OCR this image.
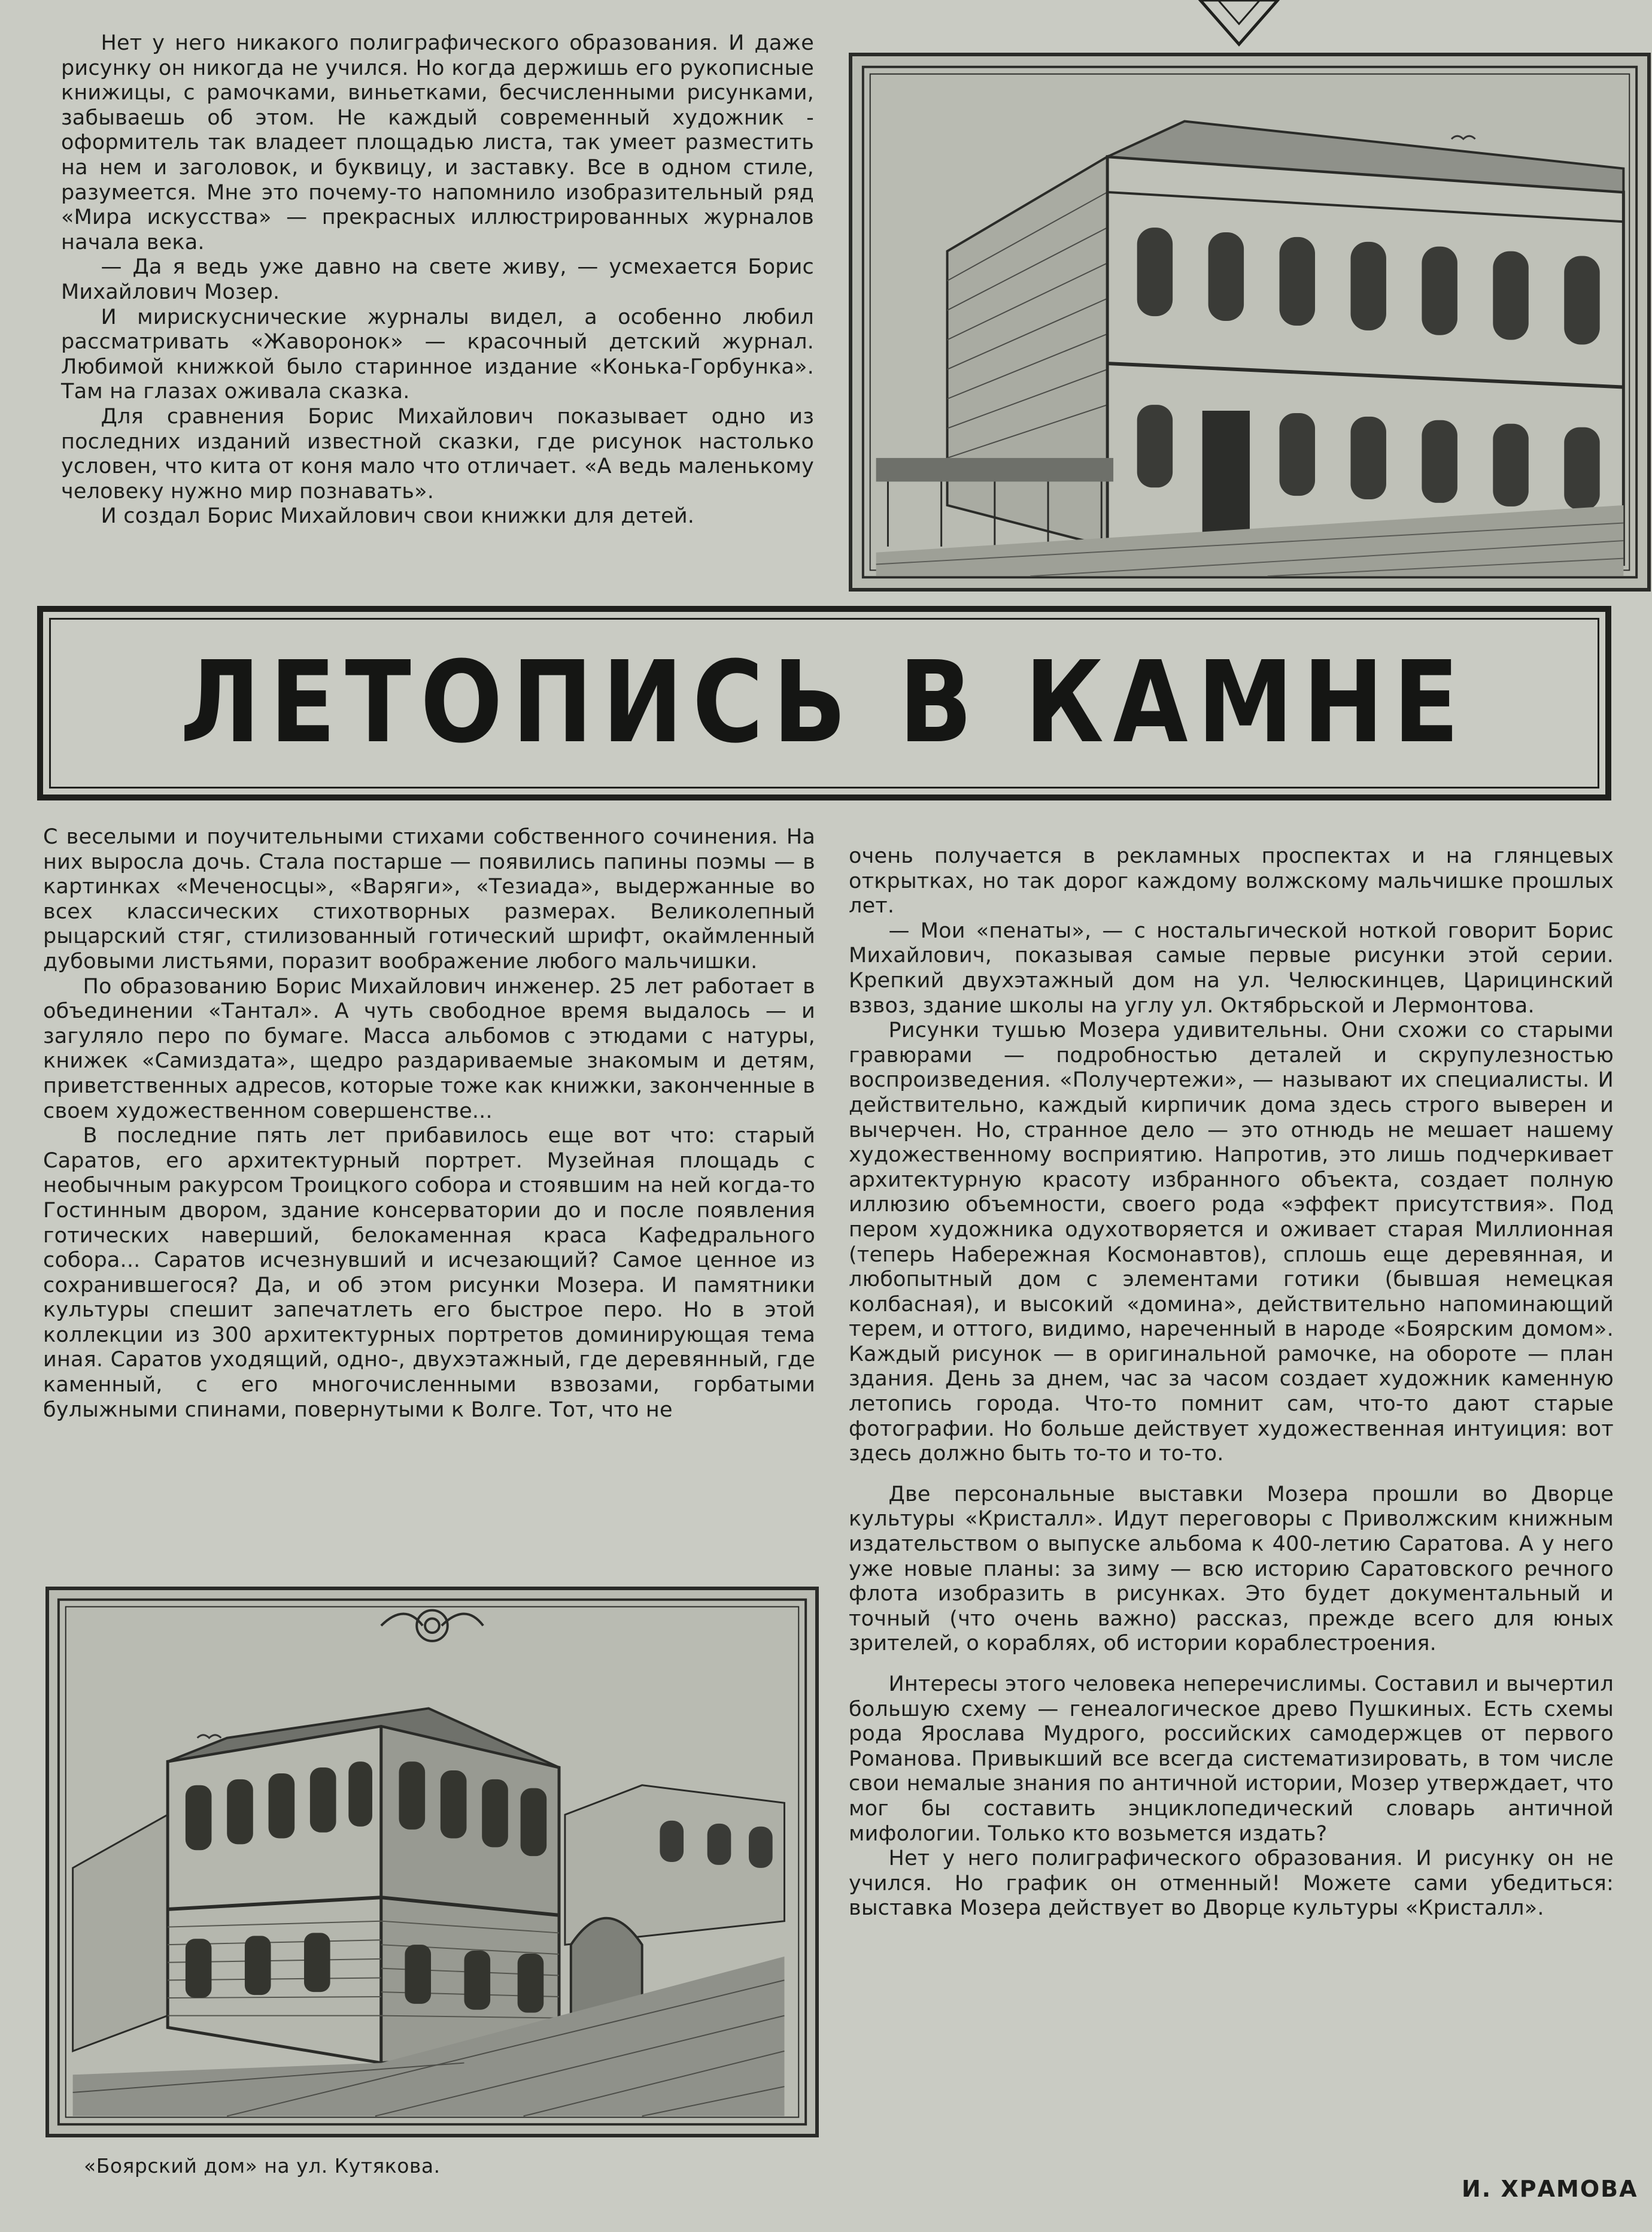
Нет у него никакого полиграфического образования. И даже рисунку он никогда не учился. Но когда держишь его рукописные книжицы, с рамочками, виньетками, бесчисленными рисунками, забываешь об этом. Не каждый современный художник - оформитель так владеет площадью листа, так умеет разместить на нем и заголовок, и буквицу, и заставку. Все в одном стиле, разумеется. Мне это почему-то напомнило изобразительный ряд «Мира искусства» — прекрасных иллюстрированных журналов начала века.

— Да я ведь уже давно на свете живу, — усмехается Борис Михайлович Мозер.

И мирискуснические журналы видел, а особенно любил рассматривать «Жаворонок» — красочный детский журнал. Любимой книжкой было старинное издание «Конька-Горбунка». Там на глазах оживала сказка.

Для сравнения Борис Михайлович показывает одно из последних изданий известной сказки, где рисунок настолько условен, что кита от коня мало что отличает. «А ведь маленькому человеку нужно мир познавать».

И создал Борис Михайлович свои книжки для детей.

ЛЕТОПИСЬ В КАМНЕ

С веселыми и поучительными стихами собственного сочинения. На них выросла дочь. Стала постарше — появились папины поэмы — в картинках «Меченосцы», «Варяги», «Тезиада», выдержанные во всех классических стихотворных размерах. Великолепный рыцарский стяг, стилизованный готический шрифт, окаймленный дубовыми листьями, поразит воображение любого мальчишки.

По образованию Борис Михайлович инженер. 25 лет работает в объединении «Тантал». А чуть свободное время выдалось — и загуляло перо по бумаге. Масса альбомов с этюдами с натуры, книжек «Самиздата», щедро раздариваемые знакомым и детям, приветственных адресов, которые тоже как книжки, законченные в своем художественном совершенстве...

В последние пять лет прибавилось еще вот что: старый Саратов, его архитектурный портрет. Музейная площадь с необычным ракурсом Троицкого собора и стоявшим на ней когда-то Гостинным двором, здание консерватории до и после появления готических наверший, белокаменная краса Кафедрального собора... Саратов исчезнувший и исчезающий? Самое ценное из сохранившегося? Да, и об этом рисунки Мозера. И памятники культуры спешит запечатлеть его быстрое перо. Но в этой коллекции из 300 архитектурных портретов доминирующая тема иная. Саратов уходящий, одно-, двухэтажный, где деревянный, где каменный, с его многочисленными взвозами, горбатыми булыжными спинами, повернутыми к Волге. Тот, что не

«Боярский дом» на ул. Кутякова.

очень получается в рекламных проспектах и на глянцевых открытках, но так дорог каждому волжскому мальчишке прошлых лет.

— Мои «пенаты», — с ностальгической ноткой говорит Борис Михайлович, показывая самые первые рисунки этой серии. Крепкий двухэтажный дом на ул. Челюскинцев, Царицинский взвоз, здание школы на углу ул. Октябрьской и Лермонтова.

Рисунки тушью Мозера удивительны. Они схожи со старыми гравюрами — подробностью деталей и скрупулезностью воспроизведения. «Получертежи», — называют их специалисты. И действительно, каждый кирпичик дома здесь строго выверен и вычерчен. Но, странное дело — это отнюдь не мешает нашему художественному восприятию. Напротив, это лишь подчеркивает архитектурную красоту избранного объекта, создает полную иллюзию объемности, своего рода «эффект присутствия». Под пером художника одухотворяется и оживает старая Миллионная (теперь Набережная Космонавтов), сплошь еще деревянная, и любопытный дом с элементами готики (бывшая немецкая колбасная), и высокий «домина», действительно напоминающий терем, и оттого, видимо, нареченный в народе «Боярским домом». Каждый рисунок — в оригинальной рамочке, на обороте — план здания. День за днем, час за часом создает художник каменную летопись города. Что-то помнит сам, что-то дают старые фотографии. Но больше действует художественная интуиция: вот здесь должно быть то-то и то-то.

Две персональные выставки Мозера прошли во Дворце культуры «Кристалл». Идут переговоры с Приволжским книжным издательством о выпуске альбома к 400-летию Саратова. А у него уже новые планы: за зиму — всю историю Саратовского речного флота изобразить в рисунках. Это будет документальный и точный (что очень важно) рассказ, прежде всего для юных зрителей, о кораблях, об истории кораблестроения.

Интересы этого человека неперечислимы. Составил и вычертил большую схему — генеалогическое древо Пушкиных. Есть схемы рода Ярослава Мудрого, российских самодержцев от первого Романова. Привыкший все всегда систематизировать, в том числе свои немалые знания по античной истории, Мозер утверждает, что мог бы составить энциклопедический словарь античной мифологии. Только кто возьмется издать?

Нет у него полиграфического образования. И рисунку он не учился. Но график он отменный! Можете сами убедиться: выставка Мозера действует во Дворце культуры «Кристалл».

И. ХРАМОВА
